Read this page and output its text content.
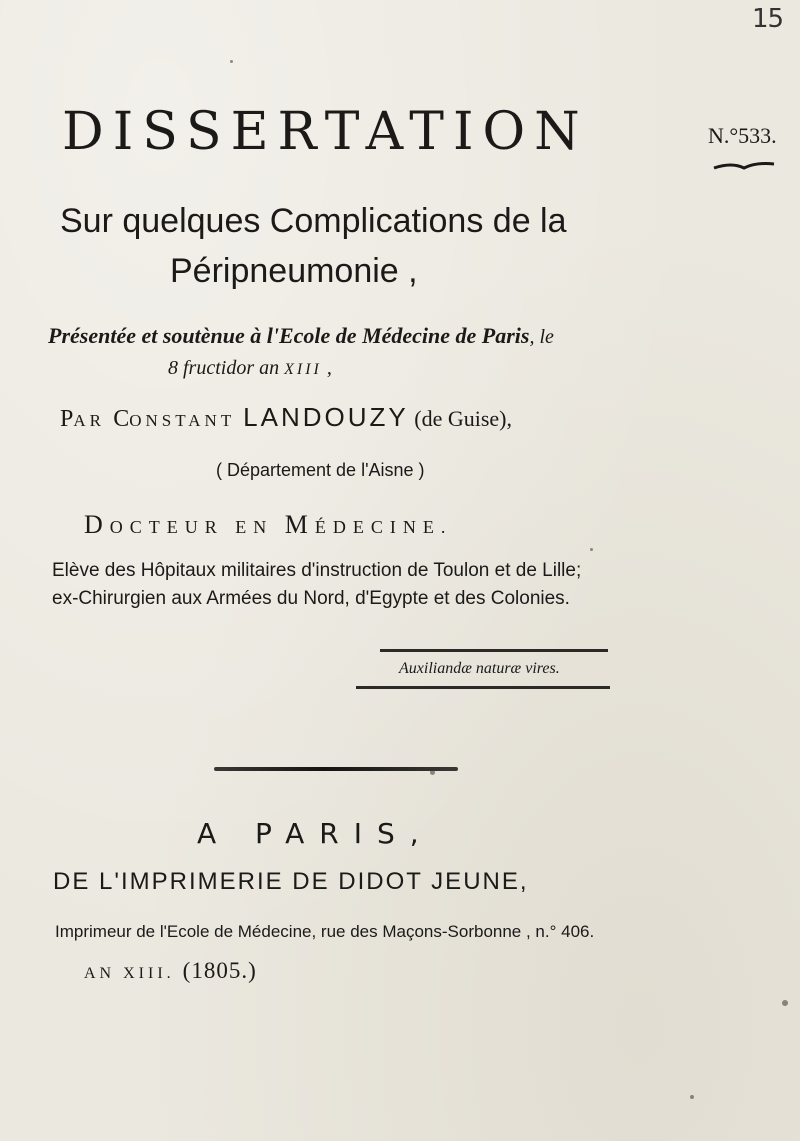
15
DISSERTATION	N.°533.
Sur quelques Complications de la
Péripneumonie ,
Présentée et soutènue à l'Ecole de Médecine de Paris, le
8 fructidor an XIII ,
PAR CONSTANT LANDOUZY (de Guise),
( Département de l'Aisne )
DOCTEUR EN MÉDECINE.
Elève des Hôpitaux militaires d'instruction de Toulon et de Lille;
ex-Chirurgien aux Armées du Nord, d'Egypte et des Colonies.
Auxiliandæ naturæ vires.
A PARIS,
DE L'IMPRIMERIE DE DIDOT JEUNE,
Imprimeur de l'Ecole de Médecine, rue des Maçons-Sorbonne , n.° 406.
AN XIII. (1805.)
